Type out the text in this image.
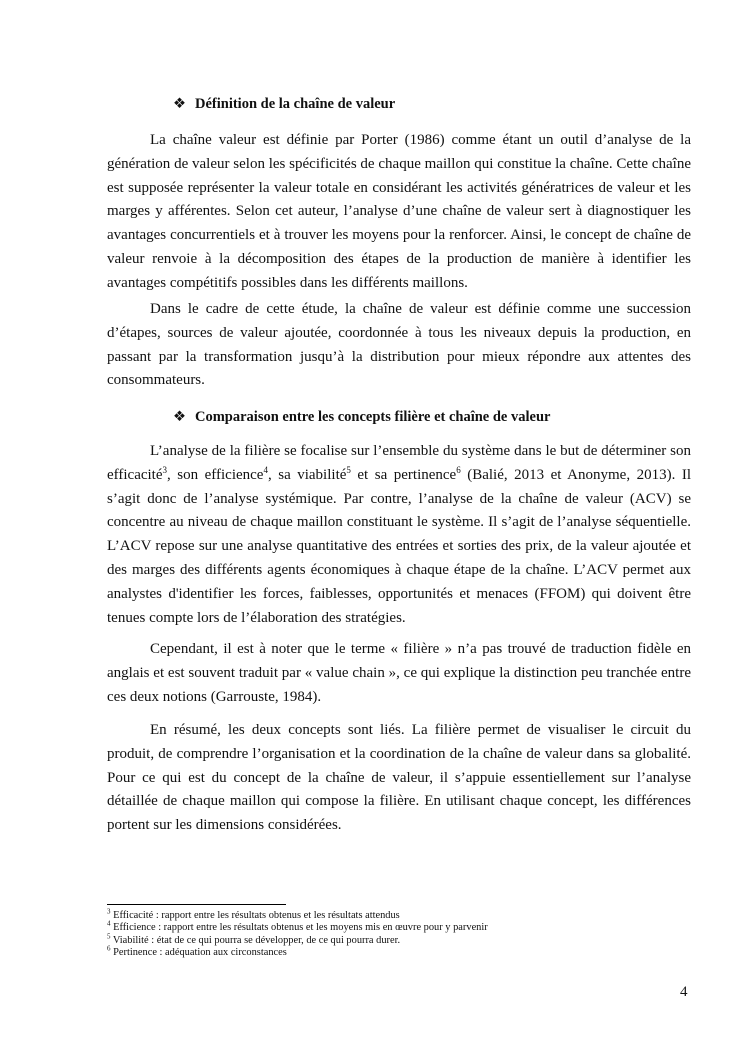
❖ Définition de la chaîne de valeur

La chaîne valeur est définie par Porter (1986) comme étant un outil d’analyse de la génération de valeur selon les spécificités de chaque maillon qui constitue la chaîne. Cette chaîne est supposée représenter la valeur totale en considérant les activités génératrices de valeur et les marges y afférentes. Selon cet auteur, l’analyse d’une chaîne de valeur sert à diagnostiquer les avantages concurrentiels et à trouver les moyens pour la renforcer. Ainsi, le concept de chaîne de valeur renvoie à la décomposition des étapes de la production de manière à identifier les avantages compétitifs possibles dans les différents maillons.

Dans le cadre de cette étude, la chaîne de valeur est définie comme une succession d’étapes, sources de valeur ajoutée, coordonnée à tous les niveaux depuis la production, en passant par la transformation jusqu’à la distribution pour mieux répondre aux attentes des consommateurs.

❖ Comparaison entre les concepts filière et chaîne de valeur

L’analyse de la filière se focalise sur l’ensemble du système dans le but de déterminer son efficacité$^3$, son efficience$^4$, sa viabilité$^5$ et sa pertinence$^6$ (Balié, 2013 et Anonyme, 2013). Il s’agit donc de l’analyse systémique. Par contre, l’analyse de la chaîne de valeur (ACV) se concentre au niveau de chaque maillon constituant le système. Il s’agit de l’analyse séquentielle. L’ACV repose sur une analyse quantitative des entrées et sorties des prix, de la valeur ajoutée et des marges des différents agents économiques à chaque étape de la chaîne. L’ACV permet aux analystes d'identifier les forces, faiblesses, opportunités et menaces (FFOM) qui doivent être tenues compte lors de l’élaboration des stratégies.

Cependant, il est à noter que le terme « filière » n’a pas trouvé de traduction fidèle en anglais et est souvent traduit par « value chain », ce qui explique la distinction peu tranchée entre ces deux notions (Garrouste, 1984).

En résumé, les deux concepts sont liés. La filière permet de visualiser le circuit du produit, de comprendre l’organisation et la coordination de la chaîne de valeur dans sa globalité. Pour ce qui est du concept de la chaîne de valeur, il s’appuie essentiellement sur l’analyse détaillée de chaque maillon qui compose la filière. En utilisant chaque concept, les différences portent sur les dimensions considérées.

$^3$ Efficacité : rapport entre les résultats obtenus et les résultats attendus
$^4$ Efficience : rapport entre les résultats obtenus et les moyens mis en œuvre pour y parvenir
$^5$ Viabilité : état de ce qui pourra se développer, de ce qui pourra durer.
$^6$ Pertinence : adéquation aux circonstances
4
